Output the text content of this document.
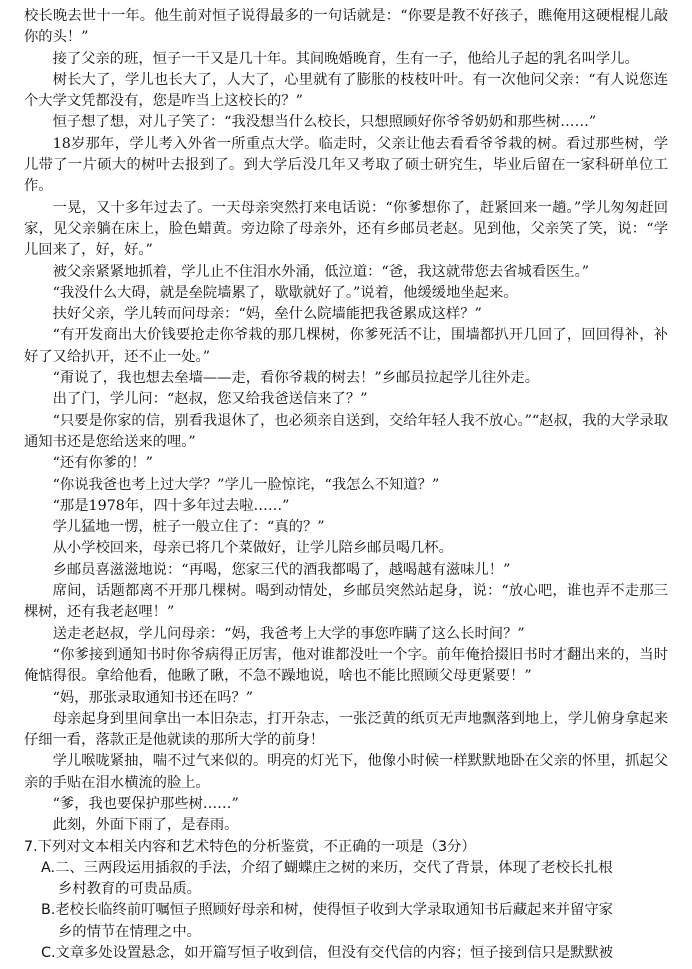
校长晚去世十一年。他生前对恒子说得最多的一句话就是：“你要是教不好孩子，瞧俺用这硬棍棍儿敲你的头！”

接了父亲的班，恒子一干又是几十年。其间晚婚晚育，生有一子，他给儿子起的乳名叫学儿。

树长大了，学儿也长大了，人大了，心里就有了膨胀的枝枝叶叶。有一次他问父亲：“有人说您连个大学文凭都没有，您是咋当上这校长的？”

恒子想了想，对儿子笑了：“我没想当什么校长，只想照顾好你爷爷奶奶和那些树……”

18岁那年，学儿考入外省一所重点大学。临走时，父亲让他去看看爷爷栽的树。看过那些树，学儿带了一片硕大的树叶去报到了。到大学后没几年又考取了硕士研究生，毕业后留在一家科研单位工作。

一晃，又十多年过去了。一天母亲突然打来电话说：“你爹想你了，赶紧回来一趟。”学儿匆匆赶回家，见父亲躺在床上，脸色蜡黄。旁边除了母亲外，还有乡邮员老赵。见到他，父亲笑了笑，说：“学儿回来了，好，好。”

被父亲紧紧地抓着，学儿止不住泪水外涌，低泣道：“爸，我这就带您去省城看医生。”

“我没什么大碍，就是垒院墙累了，歇歇就好了。”说着，他缓缓地坐起来。

扶好父亲，学儿转而问母亲：“妈，垒什么院墙能把我爸累成这样？”

“有开发商出大价钱要抢走你爷栽的那几棵树，你爹死活不让，围墙都扒开几回了，回回得补，补好了又给扒开，还不止一处。”

“甭说了，我也想去垒墙——走，看你爷栽的树去！”乡邮员拉起学儿往外走。

出了门，学儿问：“赵叔，您又给我爸送信来了？”

“只要是你家的信，别看我退休了，也必须亲自送到，交给年轻人我不放心。”“赵叔，我的大学录取通知书还是您给送来的哩。”

“还有你爹的！”

“你说我爸也考上过大学？”学儿一脸惊诧，“我怎么不知道？”

“那是1978年，四十多年过去啦……”

学儿猛地一愣，桩子一般立住了：“真的？”

从小学校回来，母亲已将几个菜做好，让学儿陪乡邮员喝几杯。

乡邮员喜滋滋地说：“再喝，您家三代的酒我都喝了，越喝越有滋味儿！”

席间，话题都离不开那几棵树。喝到动情处，乡邮员突然站起身，说：“放心吧，谁也弄不走那三棵树，还有我老赵哩！”

送走老赵叔，学儿问母亲：“妈，我爸考上大学的事您咋瞒了这么长时间？”

“你爹接到通知书时你爷病得正厉害，他对谁都没吐一个字。前年俺拾掇旧书时才翻出来的，当时俺惦得很。拿给他看，他瞅了瞅，不急不躁地说，啥也不能比照顾父母更紧要！”

“妈，那张录取通知书还在吗？”

母亲起身到里间拿出一本旧杂志，打开杂志，一张泛黄的纸页无声地飘落到地上，学儿俯身拿起来仔细一看，落款正是他就读的那所大学的前身！

学儿喉咙紧抽，喘不过气来似的。明亮的灯光下，他像小时候一样默默地卧在父亲的怀里，抓起父亲的手贴在泪水横流的脸上。

“爹，我也要保护那些树……”

此刻，外面下雨了，是春雨。

7.下列对文本相关内容和艺术特色的分析鉴赏，不正确的一项是（3分）

A.二、三两段运用插叙的手法，介绍了蝴蝶庄之树的来历，交代了背景，体现了老校长扎根
乡村教育的可贵品质。

B.老校长临终前叮嘱恒子照顾好母亲和树，使得恒子收到大学录取通知书后藏起来并留守家
乡的情节在情理之中。

C.文章多处设置悬念，如开篇写恒子收到信，但没有交代信的内容；恒子接到信只是默默被
